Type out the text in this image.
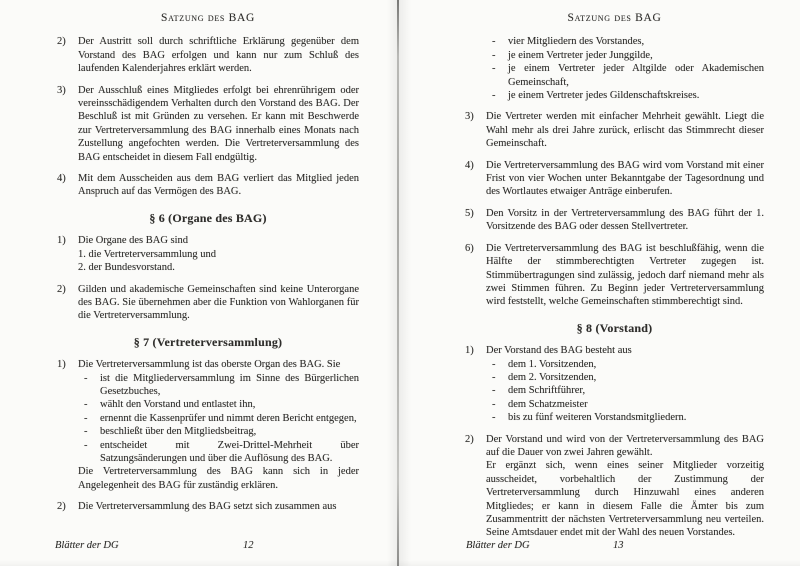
Satzung des BAG
2)	Der Austritt soll durch schriftliche Erklärung gegenüber dem Vorstand des BAG erfolgen und kann nur zum Schluß des laufenden Kalenderjahres erklärt werden.

3)	Der Ausschluß eines Mitgliedes erfolgt bei ehrenrührigem oder vereinsschädigendem Verhalten durch den Vorstand des BAG. Der Beschluß ist mit Gründen zu versehen. Er kann mit Beschwerde zur Vertreterversammlung des BAG innerhalb eines Monats nach Zustellung angefochten werden. Die Vertreterversammlung des BAG entscheidet in diesem Fall endgültig.

4)	Mit dem Ausscheiden aus dem BAG verliert das Mitglied jeden Anspruch auf das Vermögen des BAG.

§ 6 (Organe des BAG)
1)	Die Organe des BAG sind
1. die Vertreterversammlung und
2. der Bundesvorstand.
2)	Gilden und akademische Gemeinschaften sind keine Unterorgane des BAG. Sie übernehmen aber die Funktion von Wahlorganen für die Vertreterversammlung.

§ 7 (Vertreterversammlung)
1)	Die Vertreterversammlung ist das oberste Organ des BAG. Sie

-	ist die Mitgliederversammlung im Sinne des Bürgerlichen Gesetzbuches,
-	wählt den Vorstand und entlastet ihn,
-	ernennt die Kassenprüfer und nimmt deren Bericht entgegen,
-	beschließt über den Mitgliedsbeitrag,
-	entscheidet mit Zwei-Drittel-Mehrheit über Satzungsänderungen und über die Auflösung des BAG.

Die Vertreterversammlung des BAG kann sich in jeder Angelegenheit des BAG für zuständig erklären.

2)	Die Vertreterversammlung des BAG setzt sich zusammen aus

Blätter der DG	12
Satzung des BAG
-	vier Mitgliedern des Vorstandes,
-	je einem Vertreter jeder Junggilde,
-	je einem Vertreter jeder Altgilde oder Akademischen Gemeinschaft,
-	je einem Vertreter jedes Gildenschaftskreises.
3)	Die Vertreter werden mit einfacher Mehrheit gewählt. Liegt die Wahl mehr als drei Jahre zurück, erlischt das Stimmrecht dieser Gemeinschaft.

4)	Die Vertreterversammlung des BAG wird vom Vorstand mit einer Frist von vier Wochen unter Bekanntgabe der Tagesordnung und des Wortlautes etwaiger Anträge einberufen.

5)	Den Vorsitz in der Vertreterversammlung des BAG führt der 1. Vorsitzende des BAG oder dessen Stellvertreter.

6)	Die Vertreterversammlung des BAG ist beschlußfähig, wenn die Hälfte der stimmberechtigten Vertreter zugegen ist. Stimmübertragungen sind zulässig, jedoch darf niemand mehr als zwei Stimmen führen. Zu Beginn jeder Vertreterversammlung wird feststellt, welche Gemeinschaften stimmberechtigt sind.

§ 8 (Vorstand)
1)	Der Vorstand des BAG besteht aus

-	dem 1. Vorsitzenden,
-	dem 2. Vorsitzenden,
-	dem Schriftführer,
-	dem Schatzmeister
-	bis zu fünf weiteren Vorstandsmitgliedern.
2)	Der Vorstand und wird von der Vertreterversammlung des BAG auf die Dauer von zwei Jahren gewählt.

Er ergänzt sich, wenn eines seiner Mitglieder vorzeitig ausscheidet, vorbehaltlich der Zustimmung der Vertreterversammlung durch Hinzuwahl eines anderen Mitgliedes; er kann in diesem Falle die Ämter bis zum Zusammentritt der nächsten Vertreterversammlung neu verteilen. Seine Amtsdauer endet mit der Wahl des neuen Vorstandes.

Blätter der DG	13
